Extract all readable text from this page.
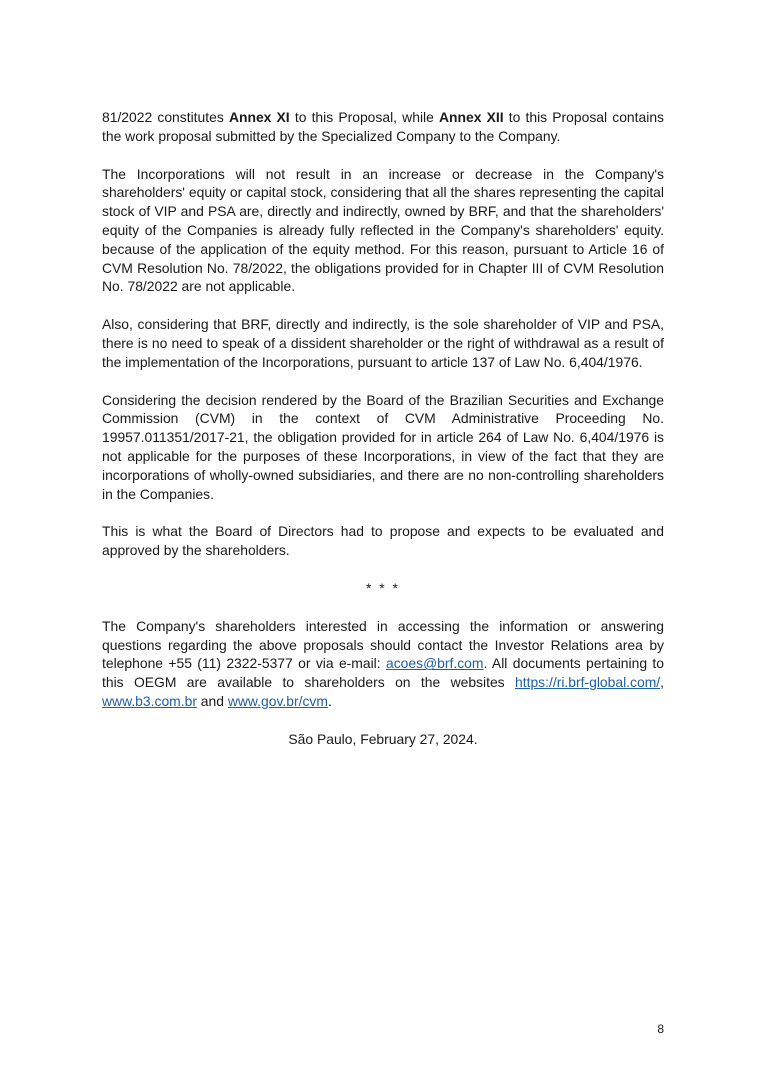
81/2022 constitutes Annex XI to this Proposal, while Annex XII to this Proposal contains the work proposal submitted by the Specialized Company to the Company.

The Incorporations will not result in an increase or decrease in the Company's shareholders' equity or capital stock, considering that all the shares representing the capital stock of VIP and PSA are, directly and indirectly, owned by BRF, and that the shareholders' equity of the Companies is already fully reflected in the Company's shareholders' equity. because of the application of the equity method. For this reason, pursuant to Article 16 of CVM Resolution No. 78/2022, the obligations provided for in Chapter III of CVM Resolution No. 78/2022 are not applicable.

Also, considering that BRF, directly and indirectly, is the sole shareholder of VIP and PSA, there is no need to speak of a dissident shareholder or the right of withdrawal as a result of the implementation of the Incorporations, pursuant to article 137 of Law No. 6,404/1976.

Considering the decision rendered by the Board of the Brazilian Securities and Exchange Commission (CVM) in the context of CVM Administrative Proceeding No. 19957.011351/2017-21, the obligation provided for in article 264 of Law No. 6,404/1976 is not applicable for the purposes of these Incorporations, in view of the fact that they are incorporations of wholly-owned subsidiaries, and there are no non-controlling shareholders in the Companies.

This is what the Board of Directors had to propose and expects to be evaluated and approved by the shareholders.

* * *

The Company's shareholders interested in accessing the information or answering questions regarding the above proposals should contact the Investor Relations area by telephone +55 (11) 2322-5377 or via e-mail: acoes@brf.com. All documents pertaining to this OEGM are available to shareholders on the websites https://ri.brf-global.com/, www.b3.com.br and www.gov.br/cvm.

São Paulo, February 27, 2024.

8
